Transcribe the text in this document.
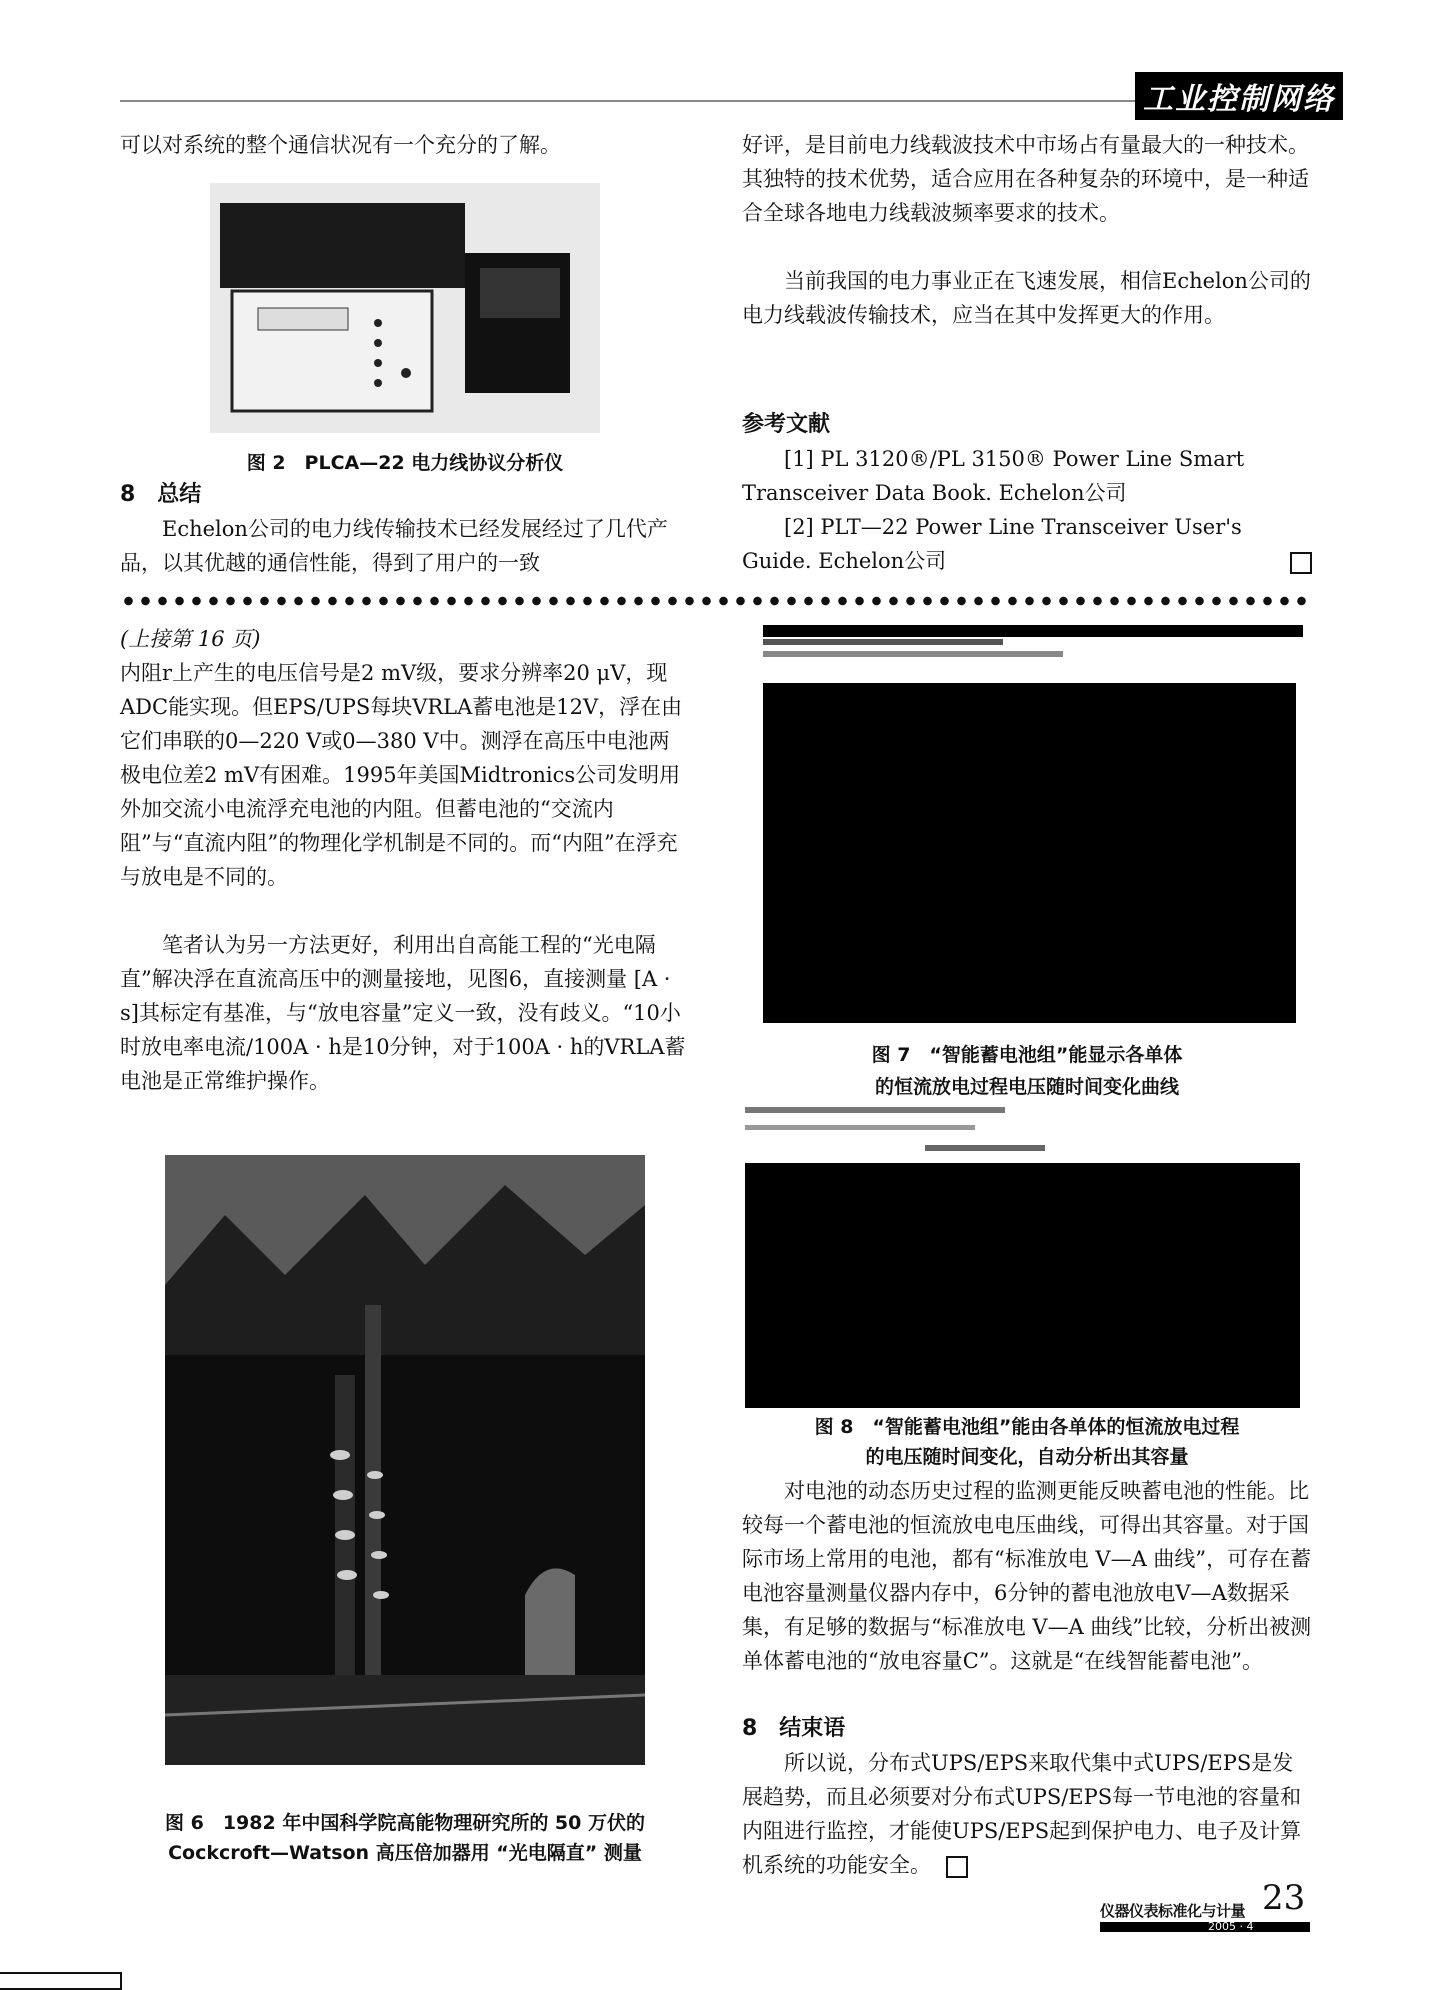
工业控制网络
可以对系统的整个通信状况有一个充分的了解。
图 2　PLCA—22 电力线协议分析仪
8　总结
Echelon公司的电力线传输技术已经发展经过了几代产品，以其优越的通信性能，得到了用户的一致
好评，是目前电力线载波技术中市场占有量最大的一种技术。其独特的技术优势，适合应用在各种复杂的环境中，是一种适合全球各地电力线载波频率要求的技术。
当前我国的电力事业正在飞速发展，相信Echelon公司的电力线载波传输技术，应当在其中发挥更大的作用。
参考文献
[1] PL 3120®/PL 3150® Power Line Smart Transceiver Data Book. Echelon公司
[2] PLT—22 Power Line Transceiver User's Guide. Echelon公司
(上接第 16 页)
内阻r上产生的电压信号是2 mV级，要求分辨率20 μV，现ADC能实现。但EPS/UPS每块VRLA蓄电池是12V，浮在由它们串联的0—220 V或0—380 V中。测浮在高压中电池两极电位差2 mV有困难。1995年美国Midtronics公司发明用外加交流小电流浮充电池的内阻。但蓄电池的“交流内阻”与“直流内阻”的物理化学机制是不同的。而“内阻”在浮充与放电是不同的。
笔者认为另一方法更好，利用出自高能工程的“光电隔直”解决浮在直流高压中的测量接地，见图6，直接测量 [A · s]其标定有基准，与“放电容量”定义一致，没有歧义。“10小时放电率电流/100A · h是10分钟，对于100A · h的VRLA蓄电池是正常维护操作。
图 6　1982 年中国科学院高能物理研究所的 50 万伏的
Cockcroft—Watson 高压倍加器用 “光电隔直” 测量
图 7　“智能蓄电池组”能显示各单体
的恒流放电过程电压随时间变化曲线
图 8　“智能蓄电池组”能由各单体的恒流放电过程
的电压随时间变化，自动分析出其容量
对电池的动态历史过程的监测更能反映蓄电池的性能。比较每一个蓄电池的恒流放电电压曲线，可得出其容量。对于国际市场上常用的电池，都有“标准放电 V—A 曲线”，可存在蓄电池容量测量仪器内存中，6分钟的蓄电池放电V—A数据采集，有足够的数据与“标准放电 V—A 曲线”比较，分析出被测单体蓄电池的“放电容量C”。这就是“在线智能蓄电池”。
8　结束语
所以说，分布式UPS/EPS来取代集中式UPS/EPS是发展趋势，而且必须要对分布式UPS/EPS每一节电池的容量和内阻进行监控，才能使UPS/EPS起到保护电力、电子及计算机系统的功能安全。
仪器仪表标准化与计量 23
2005 · 4
